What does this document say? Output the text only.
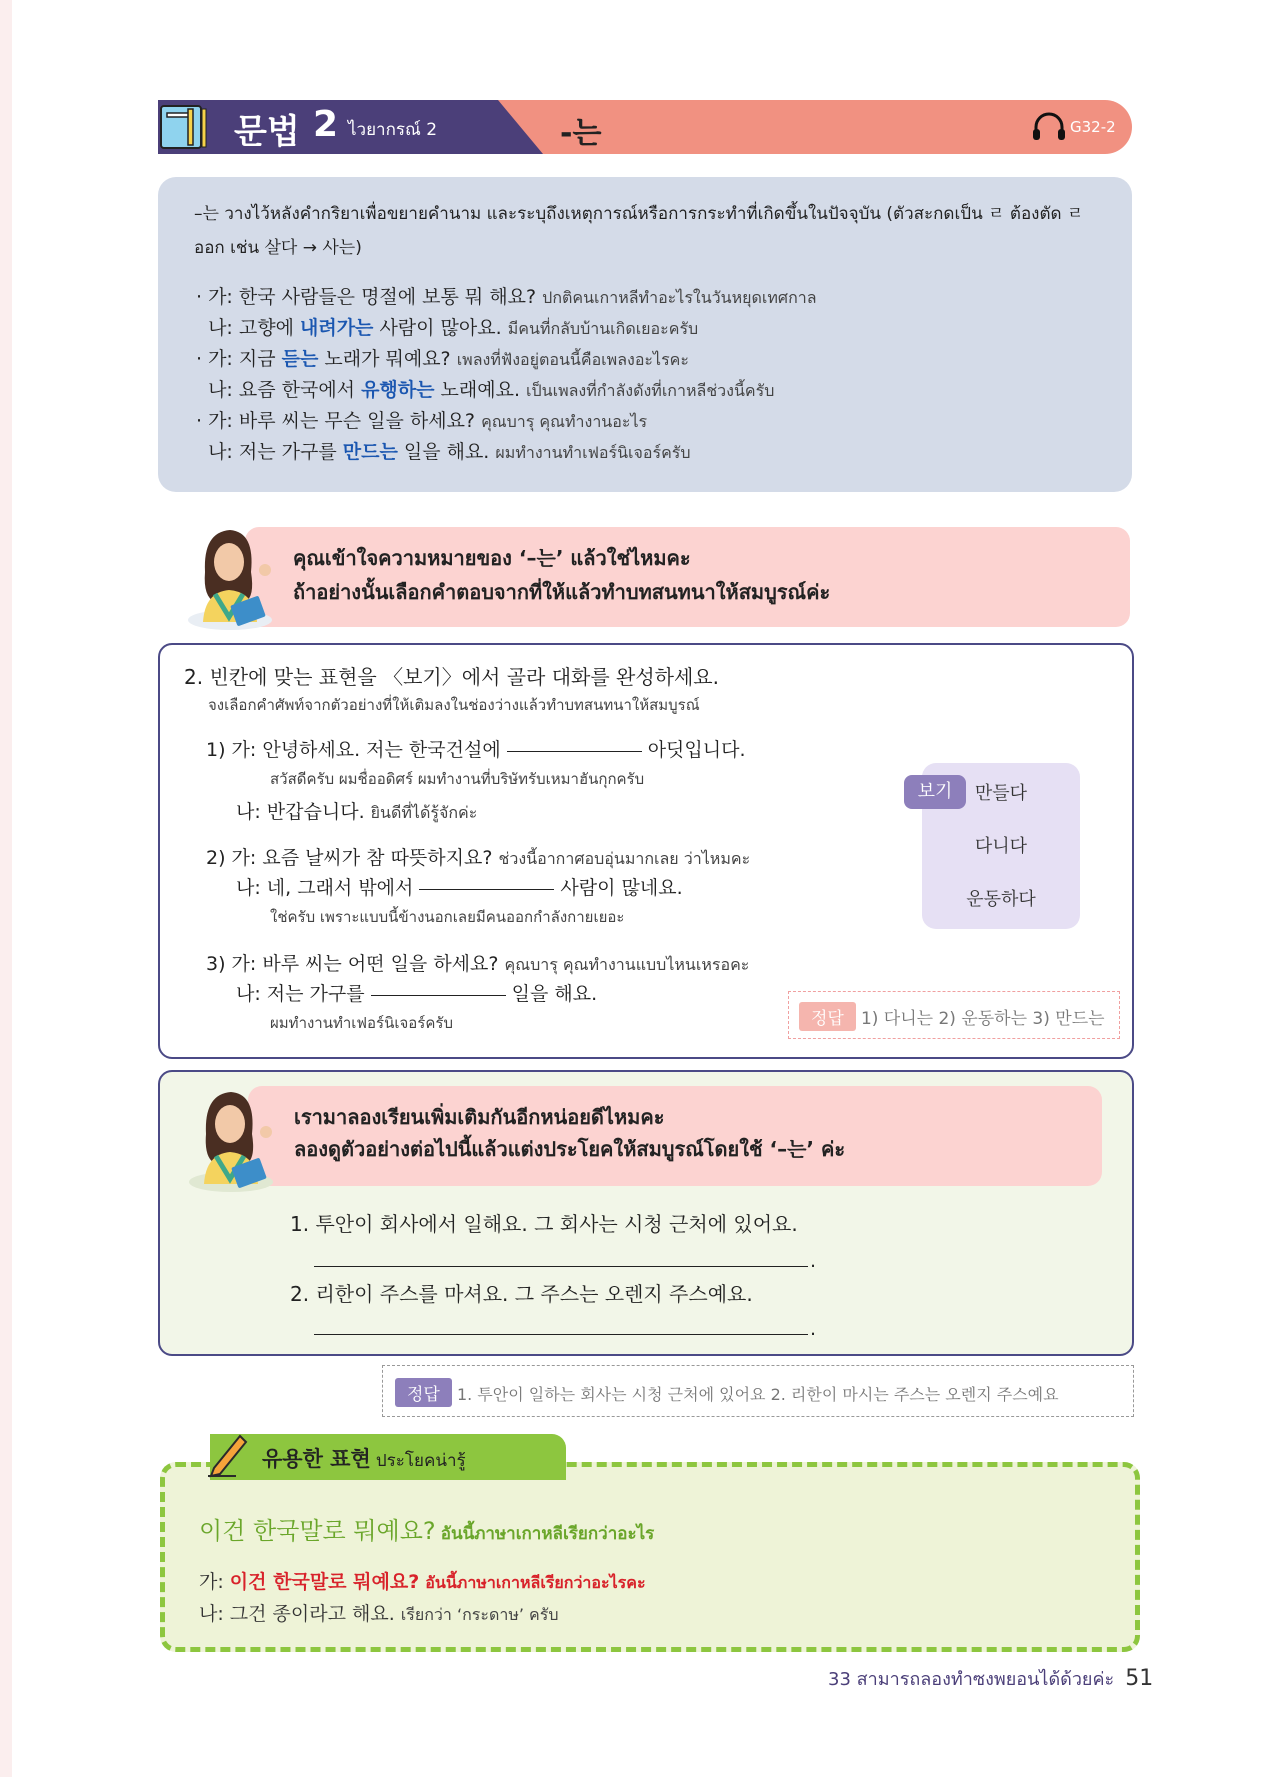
문법 2 ไวยากรณ์ 2	-는	G32-2
–는 วางไว้หลังคำกริยาเพื่อขยายคำนาม และระบุถึงเหตุการณ์หรือการกระทำที่เกิดขึ้นในปัจจุบัน (ตัวสะกดเป็น ㄹ ต้องตัด ㄹ ออก เช่น 살다 → 사는)
· 가: 한국 사람들은 명절에 보통 뭐 해요? ปกติคนเกาหลีทำอะไรในวันหยุดเทศกาล
나: 고향에 내려가는 사람이 많아요. มีคนที่กลับบ้านเกิดเยอะครับ
· 가: 지금 듣는 노래가 뭐예요? เพลงที่ฟังอยู่ตอนนี้คือเพลงอะไรคะ
나: 요즘 한국에서 유행하는 노래예요. เป็นเพลงที่กำลังดังที่เกาหลีช่วงนี้ครับ
· 가: 바루 씨는 무슨 일을 하세요? คุณบารุ คุณทำงานอะไร
나: 저는 가구를 만드는 일을 해요. ผมทำงานทำเฟอร์นิเจอร์ครับ
คุณเข้าใจความหมายของ ‘–는’ แล้วใช่ไหมคะ
ถ้าอย่างนั้นเลือกคำตอบจากที่ให้แล้วทำบทสนทนาให้สมบูรณ์ค่ะ
2. 빈칸에 맞는 표현을 〈보기〉에서 골라 대화를 완성하세요.
จงเลือกคำศัพท์จากตัวอย่างที่ให้เติมลงในช่องว่างแล้วทำบทสนทนาให้สมบูรณ์
1) 가: 안녕하세요. 저는 한국건설에	아딧입니다.
สวัสดีครับ ผมชื่ออดิศร์ ผมทำงานที่บริษัทรับเหมาฮันกุกครับ
나: 반갑습니다. ยินดีที่ได้รู้จักค่ะ
2) 가: 요즘 날씨가 참 따뜻하지요? ช่วงนี้อากาศอบอุ่นมากเลย ว่าไหมคะ
나: 네, 그래서 밖에서	사람이 많네요.
ใช่ครับ เพราะแบบนี้ข้างนอกเลยมีคนออกกำลังกายเยอะ
3) 가: 바루 씨는 어떤 일을 하세요? คุณบารุ คุณทำงานแบบไหนเหรอคะ
나: 저는 가구를	일을 해요.
ผมทำงานทำเฟอร์นิเจอร์ครับ
만들다
다니다
운동하다
보기
정답 1) 다니는 2) 운동하는 3) 만드는
เรามาลองเรียนเพิ่มเติมกันอีกหน่อยดีไหมคะ
ลองดูตัวอย่างต่อไปนี้แล้วแต่งประโยคให้สมบูรณ์โดยใช้ ‘–는’ ค่ะ
1. 투안이 회사에서 일해요. 그 회사는 시청 근처에 있어요.
.
2. 리한이 주스를 마셔요. 그 주스는 오렌지 주스예요.
.
정답 1. 투안이 일하는 회사는 시청 근처에 있어요 2. 리한이 마시는 주스는 오렌지 주스예요
이건 한국말로 뭐예요? อันนี้ภาษาเกาหลีเรียกว่าอะไร
가: 이건 한국말로 뭐예요? อันนี้ภาษาเกาหลีเรียกว่าอะไรคะ
나: 그건 종이라고 해요. เรียกว่า ‘กระดาษ’ ครับ
유용한 표현 ประโยคน่ารู้
33 สามารถลองทำซงพยอนได้ด้วยค่ะ 51
